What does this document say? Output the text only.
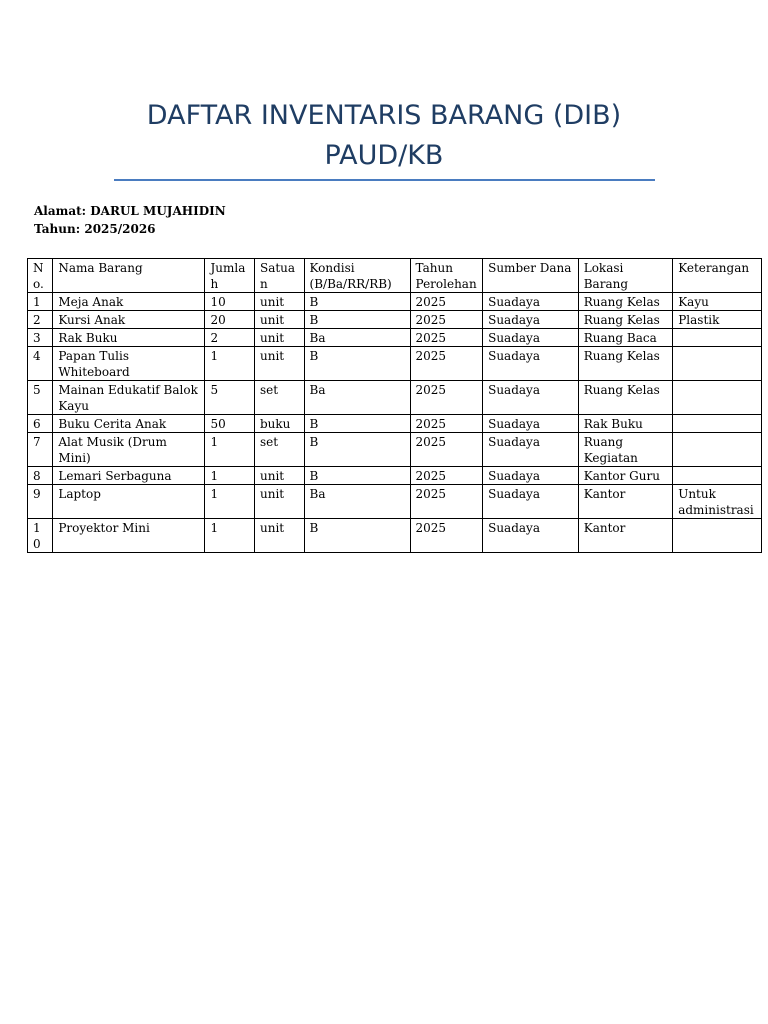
DAFTAR INVENTARIS BARANG (DIB)
PAUD/KB
Alamat: DARUL MUJAHIDIN
Tahun: 2025/2026
No.	Nama Barang	Jumlah	Satuan	Kondisi (B/Ba/RR/RB)	Tahun Perolehan	Sumber Dana	Lokasi Barang	Keterangan
1	Meja Anak	10	unit	B	2025	Suadaya	Ruang Kelas	Kayu
2	Kursi Anak	20	unit	B	2025	Suadaya	Ruang Kelas	Plastik
3	Rak Buku	2	unit	Ba	2025	Suadaya	Ruang Baca	
4	Papan Tulis Whiteboard	1	unit	B	2025	Suadaya	Ruang Kelas	
5	Mainan Edukatif Balok Kayu	5	set	Ba	2025	Suadaya	Ruang Kelas	
6	Buku Cerita Anak	50	buku	B	2025	Suadaya	Rak Buku	
7	Alat Musik (Drum Mini)	1	set	B	2025	Suadaya	Ruang Kegiatan	
8	Lemari Serbaguna	1	unit	B	2025	Suadaya	Kantor Guru	
9	Laptop	1	unit	Ba	2025	Suadaya	Kantor	Untuk administrasi
10	Proyektor Mini	1	unit	B	2025	Suadaya	Kantor	
